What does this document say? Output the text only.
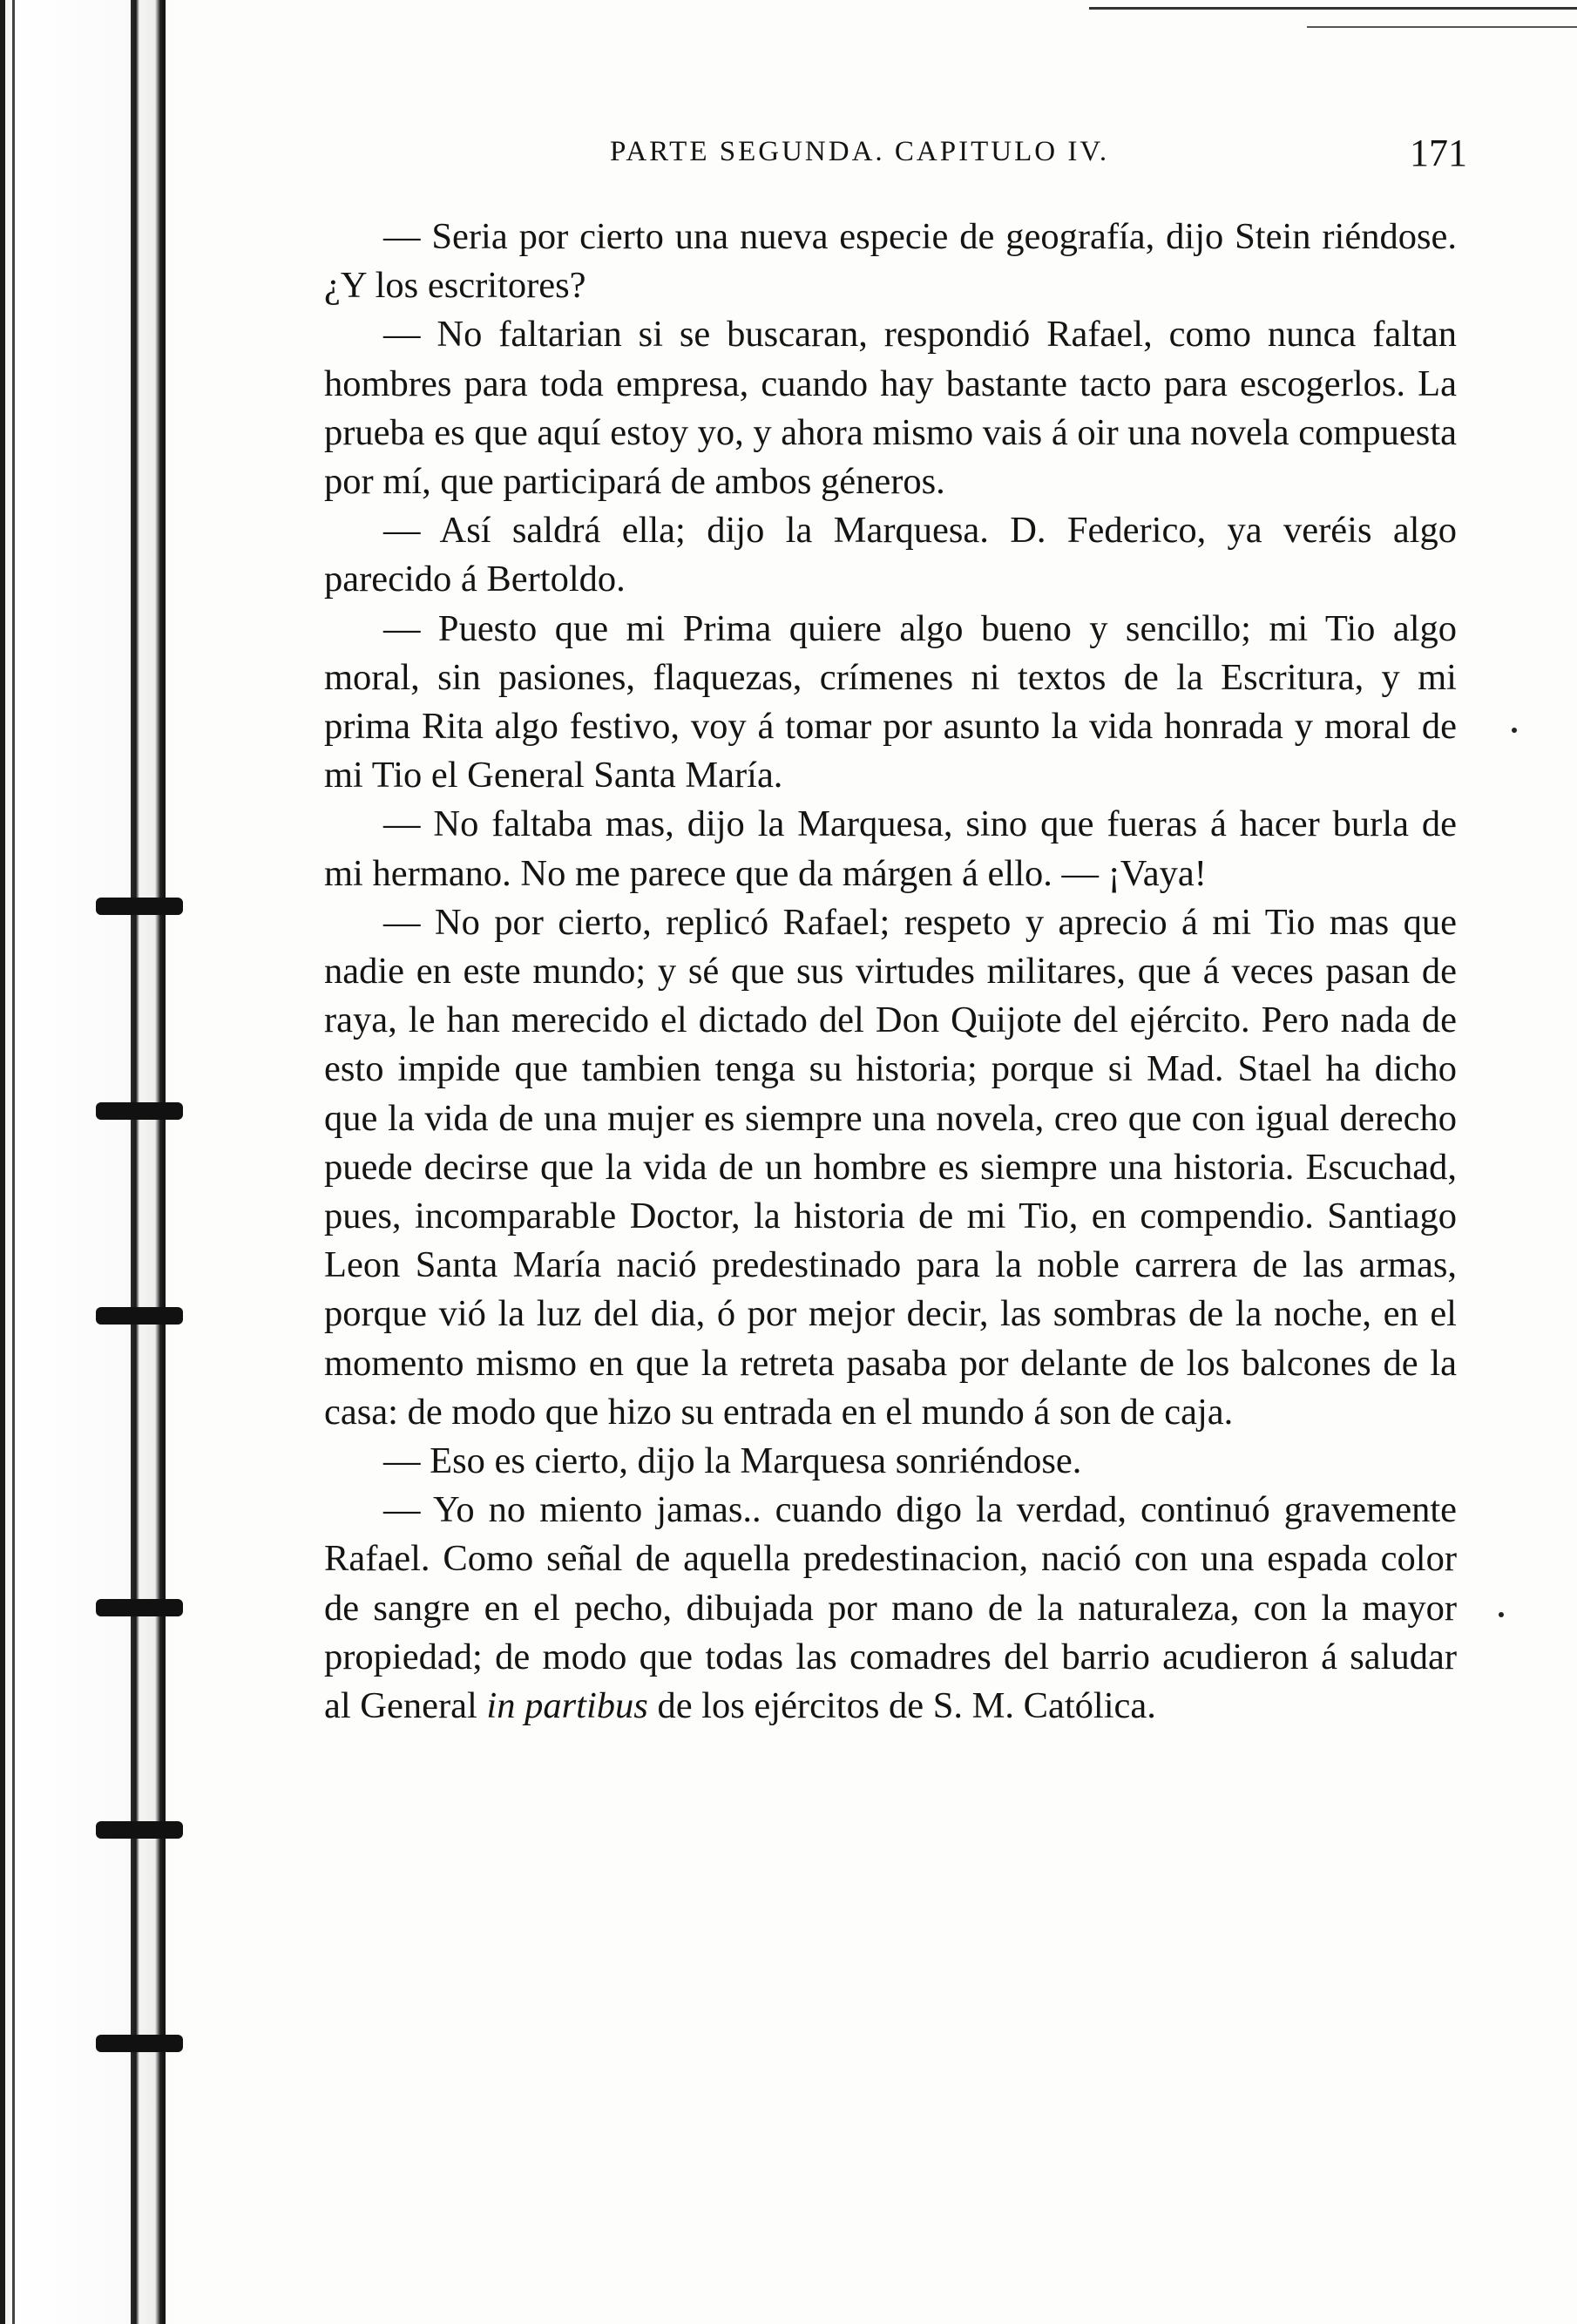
PARTE SEGUNDA. CAPITULO IV.	171

— Seria por cierto una nueva especie de geografía, dijo Stein riéndose. ¿Y los escritores?

— No faltarian si se buscaran, respondió Rafael, como nunca faltan hombres para toda empresa, cuando hay bastante tacto para escogerlos. La prueba es que aquí estoy yo, y ahora mismo vais á oir una novela compuesta por mí, que participará de ambos géneros.

— Así saldrá ella; dijo la Marquesa. D. Federico, ya veréis algo parecido á Bertoldo.

— Puesto que mi Prima quiere algo bueno y sencillo; mi Tio algo moral, sin pasiones, flaquezas, crímenes ni textos de la Escritura, y mi prima Rita algo festivo, voy á tomar por asunto la vida honrada y moral de mi Tio el General Santa María.

— No faltaba mas, dijo la Marquesa, sino que fueras á hacer burla de mi hermano. No me parece que da márgen á ello. — ¡Vaya!

— No por cierto, replicó Rafael; respeto y aprecio á mi Tio mas que nadie en este mundo; y sé que sus virtudes militares, que á veces pasan de raya, le han merecido el dictado del Don Quijote del ejército. Pero nada de esto impide que tambien tenga su historia; porque si Mad. Stael ha dicho que la vida de una mujer es siempre una novela, creo que con igual derecho puede decirse que la vida de un hombre es siempre una historia. Escuchad, pues, incomparable Doctor, la historia de mi Tio, en compendio. Santiago Leon Santa María nació predestinado para la noble carrera de las armas, porque vió la luz del dia, ó por mejor decir, las sombras de la noche, en el momento mismo en que la retreta pasaba por delante de los balcones de la casa: de modo que hizo su entrada en el mundo á son de caja.

— Eso es cierto, dijo la Marquesa sonriéndose.

— Yo no miento jamas.. cuando digo la verdad, continuó gravemente Rafael. Como señal de aquella predestinacion, nació con una espada color de sangre en el pecho, dibujada por mano de la naturaleza, con la mayor propiedad; de modo que todas las comadres del barrio acudieron á saludar al General in partibus de los ejércitos de S. M. Católica.
